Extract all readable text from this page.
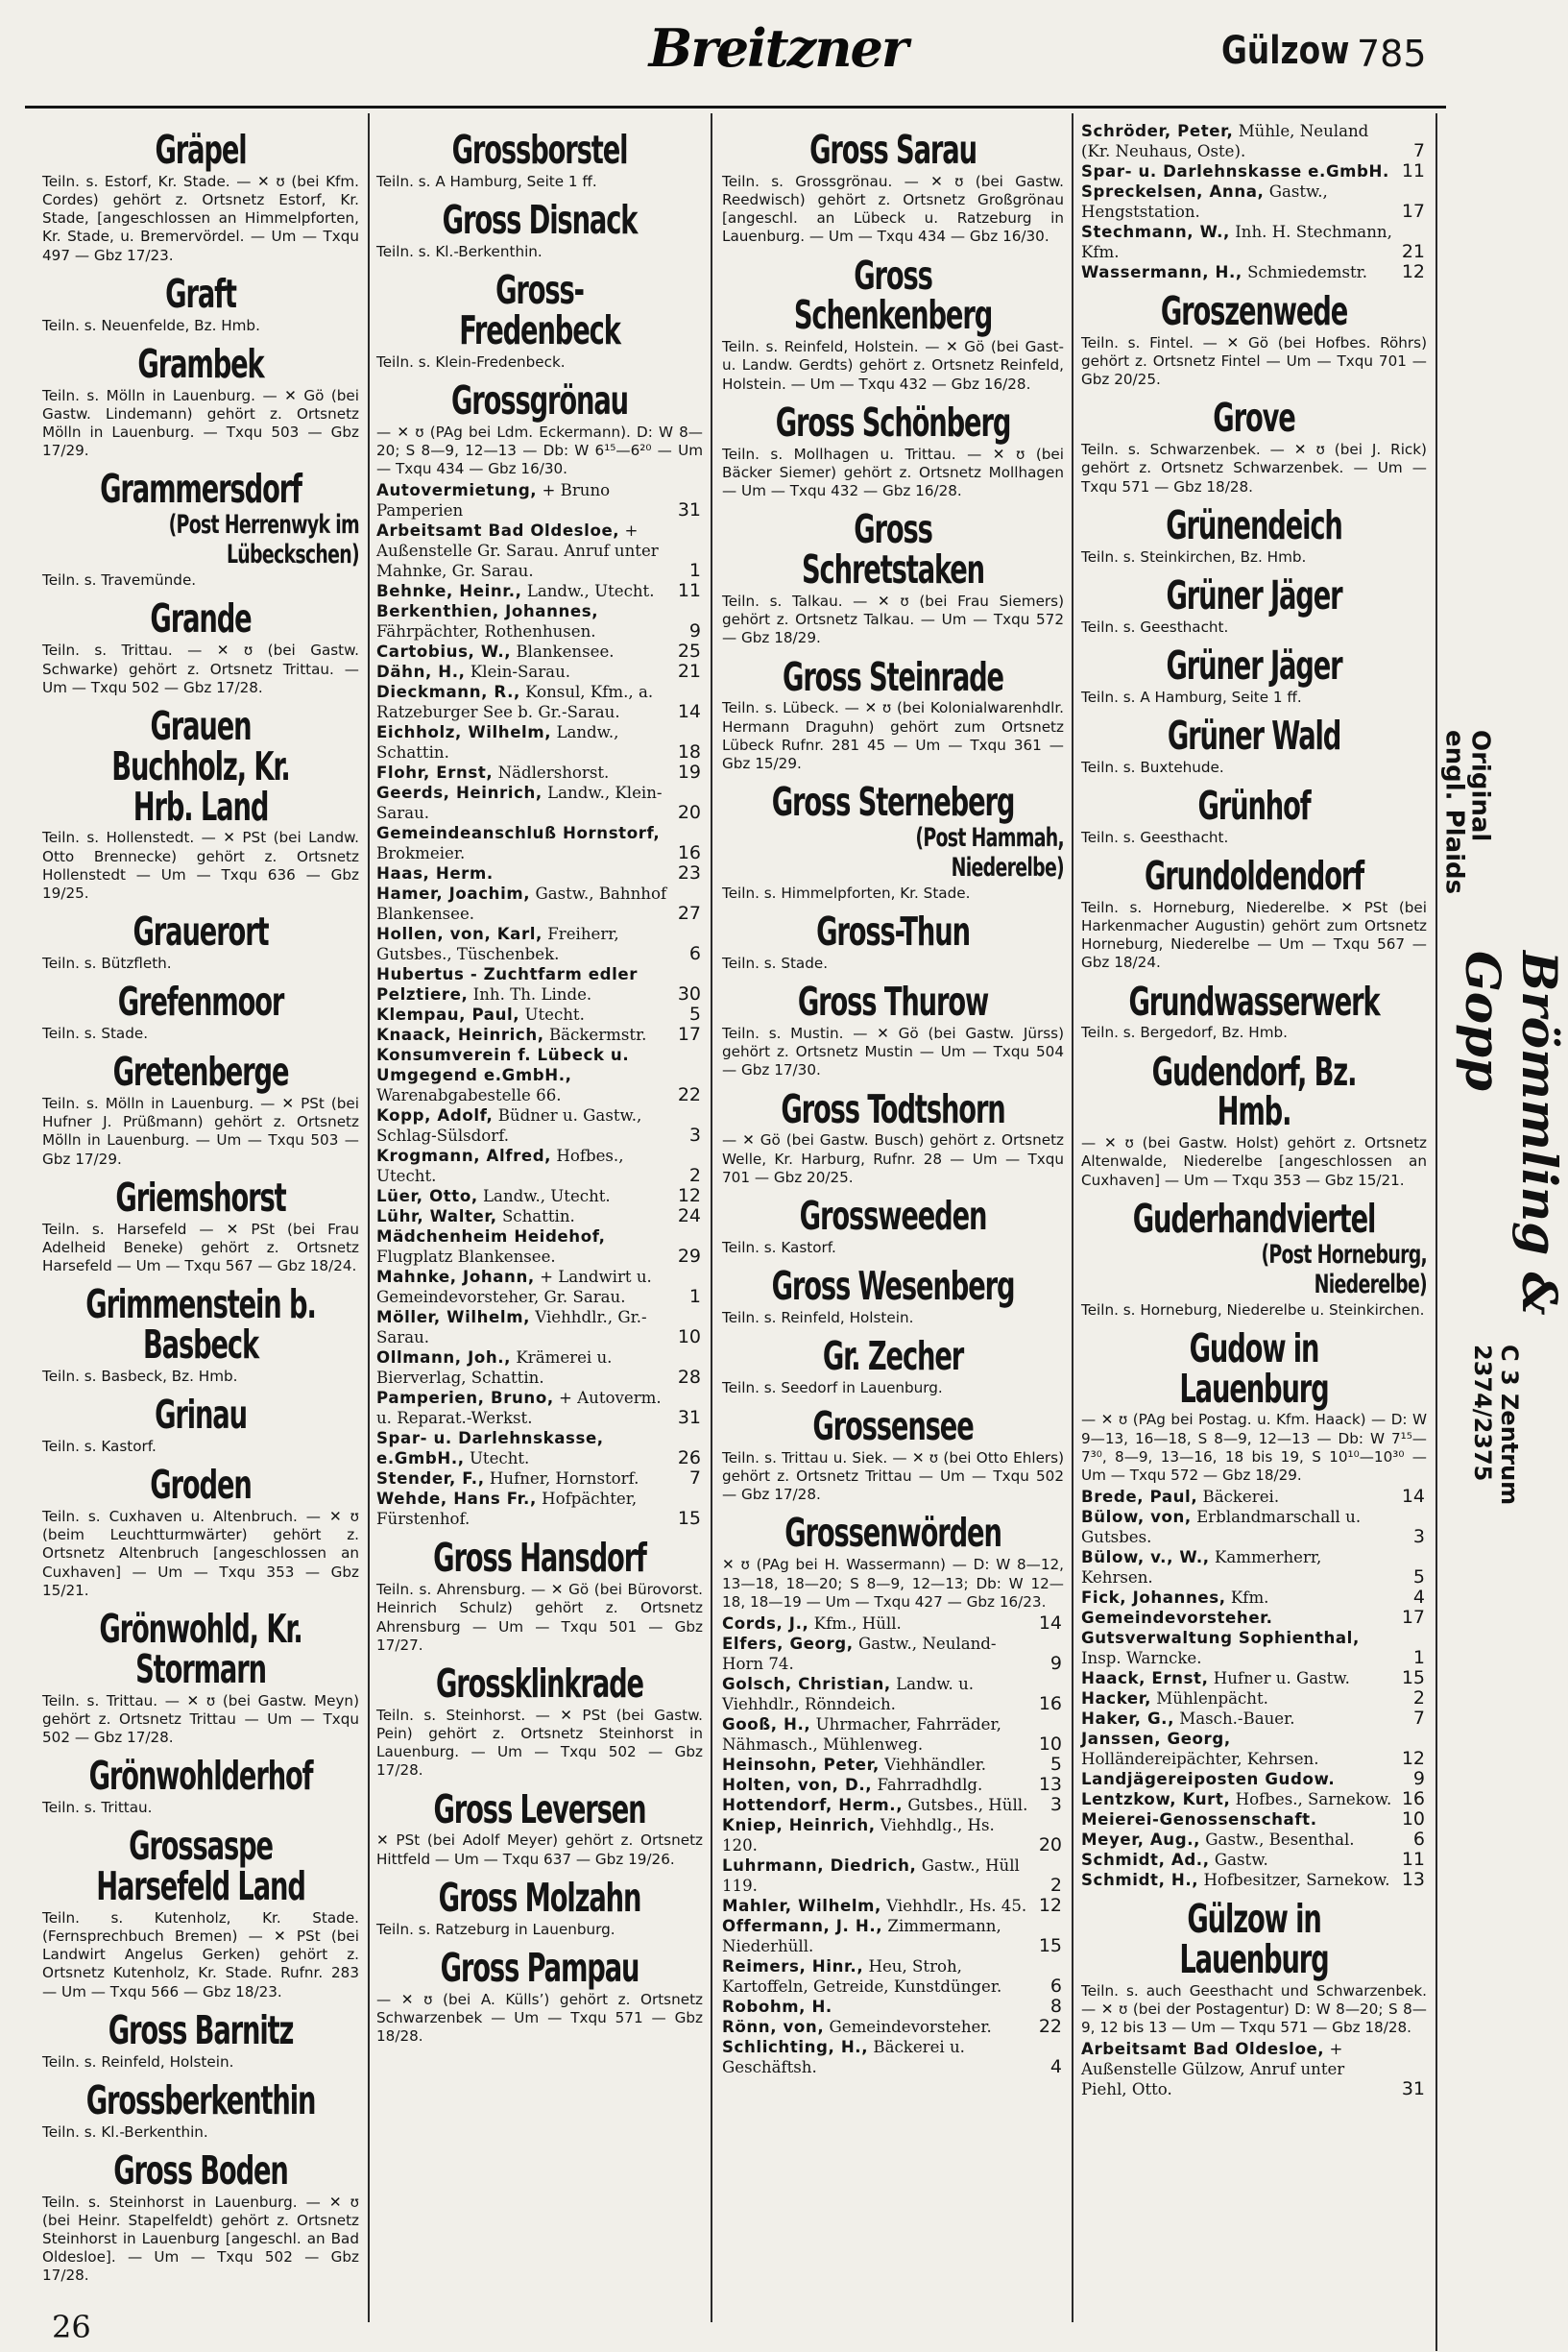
Breitzner	Gülzow 785
Gräpel
Teiln. s. Estorf, Kr. Stade. — ✕ ʊ (bei Kfm. Cordes) gehört z. Ortsnetz Estorf, Kr. Stade, [angeschlossen an Himmelpforten, Kr. Stade, u. Bremervördel. — Um — Txqu 497 — Gbz 17/23.
Graft
Teiln. s. Neuenfelde, Bz. Hmb.
Grambek
Teiln. s. Mölln in Lauenburg. — ✕ Gö (bei Gastw. Lindemann) gehört z. Ortsnetz Mölln in Lauenburg. — Txqu 503 — Gbz 17/29.
Grammersdorf
(Post Herrenwyk im Lübeckschen)
Teiln. s. Travemünde.
Grande
Teiln. s. Trittau. — ✕ ʊ (bei Gastw. Schwarke) gehört z. Ortsnetz Trittau. — Um — Txqu 502 — Gbz 17/28.
Grauen Buchholz, Kr. Hrb. Land
Teiln. s. Hollenstedt. — ✕ PSt (bei Landw. Otto Brennecke) gehört z. Ortsnetz Hollenstedt — Um — Txqu 636 — Gbz 19/25.
Grauerort
Teiln. s. Bützfleth.
Grefenmoor
Teiln. s. Stade.
Gretenberge
Teiln. s. Mölln in Lauenburg. — ✕ PSt (bei Hufner J. Prüßmann) gehört z. Ortsnetz Mölln in Lauenburg. — Um — Txqu 503 — Gbz 17/29.
Griemshorst
Teiln. s. Harsefeld — ✕ PSt (bei Frau Adelheid Beneke) gehört z. Ortsnetz Harsefeld — Um — Txqu 567 — Gbz 18/24.
Grimmenstein b. Basbeck
Teiln. s. Basbeck, Bz. Hmb.
Grinau
Teiln. s. Kastorf.
Groden
Teiln. s. Cuxhaven u. Altenbruch. — ✕ ʊ (beim Leuchtturmwärter) gehört z. Ortsnetz Altenbruch [angeschlossen an Cuxhaven] — Um — Txqu 353 — Gbz 15/21.
Grönwohld, Kr. Stormarn
Teiln. s. Trittau. — ✕ ʊ (bei Gastw. Meyn) gehört z. Ortsnetz Trittau — Um — Txqu 502 — Gbz 17/28.
Grönwohlderhof
Teiln. s. Trittau.
Grossaspe Harsefeld Land
Teiln. s. Kutenholz, Kr. Stade. (Fernsprechbuch Bremen) — ✕ PSt (bei Landwirt Angelus Gerken) gehört z. Ortsnetz Kutenholz, Kr. Stade. Rufnr. 283 — Um — Txqu 566 — Gbz 18/23.
Gross Barnitz
Teiln. s. Reinfeld, Holstein.
Grossberkenthin
Teiln. s. Kl.-Berkenthin.
Gross Boden
Teiln. s. Steinhorst in Lauenburg. — ✕ ʊ (bei Heinr. Stapelfeldt) gehört z. Ortsnetz Steinhorst in Lauenburg [angeschl. an Bad Oldesloe]. — Um — Txqu 502 — Gbz 17/28.
Grossborstel
Teiln. s. A Hamburg, Seite 1 ff.
Gross Disnack
Teiln. s. Kl.-Berkenthin.
Gross-Fredenbeck
Teiln. s. Klein-Fredenbeck.
Grossgrönau
— ✕ ʊ (PAg bei Ldm. Eckermann). D: W 8—20; S 8—9, 12—13 — Db: W 6¹⁵—6²⁰ — Um — Txqu 434 — Gbz 16/30.
Autovermietung, + Bruno Pamperien	31
Arbeitsamt Bad Oldesloe, + Außenstelle Gr. Sarau. Anruf unter Mahnke, Gr. Sarau.	1
Behnke, Heinr., Landw., Utecht. 11
Berkenthien, Johannes, Fährpächter, Rothenhusen.	9
Cartobius, W., Blankensee.	25
Dähn, H., Klein-Sarau.	21
Dieckmann, R., Konsul, Kfm., a. Ratzeburger See b. Gr.-Sarau.	14
Eichholz, Wilhelm, Landw., Schattin.	18
Flohr, Ernst, Nädlershorst.	19
Geerds, Heinrich, Landw., Klein-Sarau.	20
Gemeindeanschluß Hornstorf, Brokmeier.	16
Haas, Herm.	23
Hamer, Joachim, Gastw., Bahnhof Blankensee.	27
Hollen, von, Karl, Freiherr, Gutsbes., Tüschenbek.	6
Hubertus - Zuchtfarm edler Pelztiere, Inh. Th. Linde.	30
Klempau, Paul, Utecht.	5
Knaack, Heinrich, Bäckermstr. 17
Konsumverein f. Lübeck u. Umgegend e.GmbH., Warenabgabestelle 66.	22
Kopp, Adolf, Büdner u. Gastw., Schlag-Sülsdorf.	3
Krogmann, Alfred, Hofbes., Utecht.	2
Lüer, Otto, Landw., Utecht.	12
Lühr, Walter, Schattin.	24
Mädchenheim Heidehof, Flugplatz Blankensee.	29
Mahnke, Johann, + Landwirt u. Gemeindevorsteher, Gr. Sarau.	1
Möller, Wilhelm, Viehhdlr., Gr.-Sarau.	10
Ollmann, Joh., Krämerei u. Bierverlag, Schattin.	28
Pamperien, Bruno, + Autoverm. u. Reparat.-Werkst.	31
Spar- u. Darlehnskasse, e.GmbH., Utecht.	26
Stender, F., Hufner, Hornstorf.	7
Wehde, Hans Fr., Hofpächter, Fürstenhof.	15
Gross Hansdorf
Teiln. s. Ahrensburg. — ✕ Gö (bei Bürovorst. Heinrich Schulz) gehört z. Ortsnetz Ahrensburg — Um — Txqu 501 — Gbz 17/27.
Grossklinkrade
Teiln. s. Steinhorst. — ✕ PSt (bei Gastw. Pein) gehört z. Ortsnetz Steinhorst in Lauenburg. — Um — Txqu 502 — Gbz 17/28.
Gross Leversen
✕ PSt (bei Adolf Meyer) gehört z. Ortsnetz Hittfeld — Um — Txqu 637 — Gbz 19/26.
Gross Molzahn
Teiln. s. Ratzeburg in Lauenburg.
Gross Pampau
— ✕ ʊ (bei A. Küllsʼ) gehört z. Ortsnetz Schwarzenbek — Um — Txqu 571 — Gbz 18/28.
Gross Sarau
Teiln. s. Grossgrönau. — ✕ ʊ (bei Gastw. Reedwisch) gehört z. Ortsnetz Großgrönau [angeschl. an Lübeck u. Ratzeburg in Lauenburg. — Um — Txqu 434 — Gbz 16/30.
Gross Schenkenberg
Teiln. s. Reinfeld, Holstein. — ✕ Gö (bei Gast- u. Landw. Gerdts) gehört z. Ortsnetz Reinfeld, Holstein. — Um — Txqu 432 — Gbz 16/28.
Gross Schönberg
Teiln. s. Mollhagen u. Trittau. — ✕ ʊ (bei Bäcker Siemer) gehört z. Ortsnetz Mollhagen — Um — Txqu 432 — Gbz 16/28.
Gross Schretstaken
Teiln. s. Talkau. — ✕ ʊ (bei Frau Siemers) gehört z. Ortsnetz Talkau. — Um — Txqu 572 — Gbz 18/29.
Gross Steinrade
Teiln. s. Lübeck. — ✕ ʊ (bei Kolonialwarenhdlr. Hermann Draguhn) gehört zum Ortsnetz Lübeck Rufnr. 281 45 — Um — Txqu 361 — Gbz 15/29.
Gross Sterneberg
(Post Hammah, Niederelbe)
Teiln. s. Himmelpforten, Kr. Stade.
Gross-Thun
Teiln. s. Stade.
Gross Thurow
Teiln. s. Mustin. — ✕ Gö (bei Gastw. Jürss) gehört z. Ortsnetz Mustin — Um — Txqu 504 — Gbz 17/30.
Gross Todtshorn
— ✕ Gö (bei Gastw. Busch) gehört z. Ortsnetz Welle, Kr. Harburg, Rufnr. 28 — Um — Txqu 701 — Gbz 20/25.
Grossweeden
Teiln. s. Kastorf.
Gross Wesenberg
Teiln. s. Reinfeld, Holstein.
Gr. Zecher
Teiln. s. Seedorf in Lauenburg.
Grossensee
Teiln. s. Trittau u. Siek. — ✕ ʊ (bei Otto Ehlers) gehört z. Ortsnetz Trittau — Um — Txqu 502 — Gbz 17/28.
Grossenwörden
✕ ʊ (PAg bei H. Wassermann) — D: W 8—12, 13—18, 18—20; S 8—9, 12—13; Db: W 12—18, 18—19 — Um — Txqu 427 — Gbz 16/23.
Cords, J., Kfm., Hüll.	14
Elfers, Georg, Gastw., Neuland-Horn 74.	9
Golsch, Christian, Landw. u. Viehhdlr., Rönndeich.	16
Gooß, H., Uhrmacher, Fahrräder, Nähmasch., Mühlenweg.	10
Heinsohn, Peter, Viehhändler.	5
Holten, von, D., Fahrradhdlg.	13
Hottendorf, Herm., Gutsbes., Hüll. 3
Kniep, Heinrich, Viehhdlg., Hs. 120.	20
Luhrmann, Diedrich, Gastw., Hüll 119.	2
Mahler, Wilhelm, Viehhdlr., Hs. 45. 12
Offermann, J. H., Zimmermann, Niederhüll.	15
Reimers, Hinr., Heu, Stroh, Kartoffeln, Getreide, Kunstdünger.	6
Robohm, H.	8
Rönn, von, Gemeindevorsteher.	22
Schlichting, H., Bäckerei u. Geschäftsh.	4
Schröder, Peter, Mühle, Neuland (Kr. Neuhaus, Oste).	7
Spar- u. Darlehnskasse e.GmbH. 11
Spreckelsen, Anna, Gastw., Hengststation.	17
Stechmann, W., Inh. H. Stechmann, Kfm.	21
Wassermann, H., Schmiedemstr. 12
Groszenwede
Teiln. s. Fintel. — ✕ Gö (bei Hofbes. Röhrs) gehört z. Ortsnetz Fintel — Um — Txqu 701 — Gbz 20/25.
Grove
Teiln. s. Schwarzenbek. — ✕ ʊ (bei J. Rick) gehört z. Ortsnetz Schwarzenbek. — Um — Txqu 571 — Gbz 18/28.
Grünendeich
Teiln. s. Steinkirchen, Bz. Hmb.
Grüner Jäger
Teiln. s. Geesthacht.
Grüner Jäger
Teiln. s. A Hamburg, Seite 1 ff.
Grüner Wald
Teiln. s. Buxtehude.
Grünhof
Teiln. s. Geesthacht.
Grundoldendorf
Teiln. s. Horneburg, Niederelbe. ✕ PSt (bei Harkenmacher Augustin) gehört zum Ortsnetz Horneburg, Niederelbe — Um — Txqu 567 — Gbz 18/24.
Grundwasserwerk
Teiln. s. Bergedorf, Bz. Hmb.
Gudendorf, Bz. Hmb.
— ✕ ʊ (bei Gastw. Holst) gehört z. Ortsnetz Altenwalde, Niederelbe [angeschlossen an Cuxhaven] — Um — Txqu 353 — Gbz 15/21.
Guderhandviertel
(Post Horneburg, Niederelbe)
Teiln. s. Horneburg, Niederelbe u. Steinkirchen.
Gudow in Lauenburg
— ✕ ʊ (PAg bei Postag. u. Kfm. Haack) — D: W 9—13, 16—18, S 8—9, 12—13 — Db: W 7¹⁵—7³⁰, 8—9, 13—16, 18 bis 19, S 10¹⁰—10³⁰ — Um — Txqu 572 — Gbz 18/29.
Brede, Paul, Bäckerei.	14
Bülow, von, Erblandmarschall u. Gutsbes.	3
Bülow, v., W., Kammerherr, Kehrsen.	5
Fick, Johannes, Kfm.	4
Gemeindevorsteher.	17
Gutsverwaltung Sophienthal, Insp. Warncke.	1
Haack, Ernst, Hufner u. Gastw.	15
Hacker, Mühlenpächt.	2
Haker, G., Masch.-Bauer.	7
Janssen, Georg, Holländereipächter, Kehrsen.	12
Landjägereiposten Gudow.	9
Lentzkow, Kurt, Hofbes., Sarnekow. 16
Meierei-Genossenschaft.	10
Meyer, Aug., Gastw., Besenthal.	6
Schmidt, Ad., Gastw.	11
Schmidt, H., Hofbesitzer, Sarnekow. 13
Gülzow in Lauenburg
Teiln. s. auch Geesthacht und Schwarzenbek. — ✕ ʊ (bei der Postagentur) D: W 8—20; S 8—9, 12 bis 13 — Um — Txqu 571 — Gbz 18/28.
Arbeitsamt Bad Oldesloe, + Außenstelle Gülzow, Anruf unter Piehl, Otto.	31
Original engl. Plaids
Brömmling & Gopp
C 3 Zentrum 2374/2375
26
